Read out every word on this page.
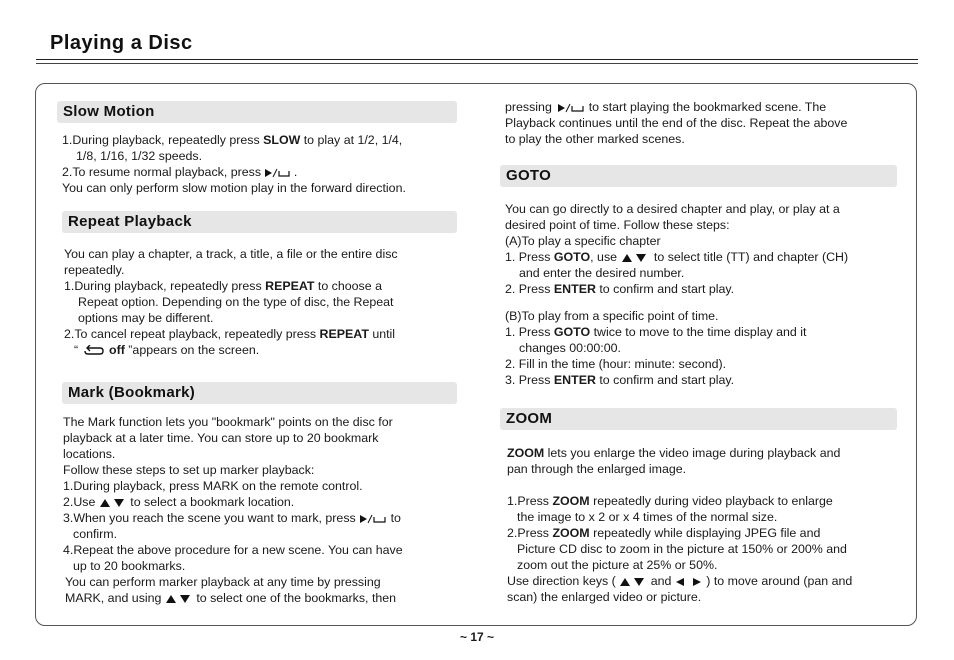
Playing a Disc
Slow Motion

1.During playback, repeatedly press SLOW to play at 1/2, 1/4,

1/8, 1/16, 1/32 speeds.

2.To resume normal playback, press  .

You can only perform slow motion play in the forward direction.

Repeat Playback

You can play a chapter, a track, a title, a file or the entire disc

repeatedly.

1.During playback, repeatedly press REPEAT to choose a

Repeat option. Depending on the type of disc, the Repeat

options may be different.

2.To cancel repeat playback, repeatedly press REPEAT until

“  off ”appears on the screen.

Mark (Bookmark)

The Mark function lets you "bookmark" points on the disc for

playback at a later time. You can store up to 20 bookmark

locations.

Follow these steps to set up marker playback:

1.During playback, press MARK on the remote control.

2.Use  to select a bookmark location.

3.When you reach the scene you want to mark, press  to

confirm.

4.Repeat the above procedure for a new scene. You can have

up to 20 bookmarks.

You can perform marker playback at any time by pressing

MARK, and using  to select one of the bookmarks, then

pressing  to start playing the bookmarked scene. The

Playback continues until the end of the disc. Repeat the above

to play the other marked scenes.

GOTO

You can go directly to a desired chapter and play, or play at a

desired point of time. Follow these steps:

(A)To play a specific chapter

1. Press GOTO, use  to select title (TT) and chapter (CH)

and enter the desired number.

2. Press ENTER to confirm and start play.

(B)To play from a specific point of time.

1. Press GOTO twice to move to the time display and it

changes 00:00:00.

2. Fill in the time (hour: minute: second).

3. Press ENTER to confirm and start play.

ZOOM

ZOOM lets you enlarge the video image during playback and

pan through the enlarged image.

1.Press ZOOM repeatedly during video playback to enlarge

the image to x 2 or x 4 times of the normal size.

2.Press ZOOM repeatedly while displaying JPEG file and

Picture CD disc to zoom in the picture at 150% or 200% and

zoom out the picture at 25% or 50%.

Use direction keys (  and  ) to move around (pan and

scan) the enlarged video or picture.

~ 17 ~
